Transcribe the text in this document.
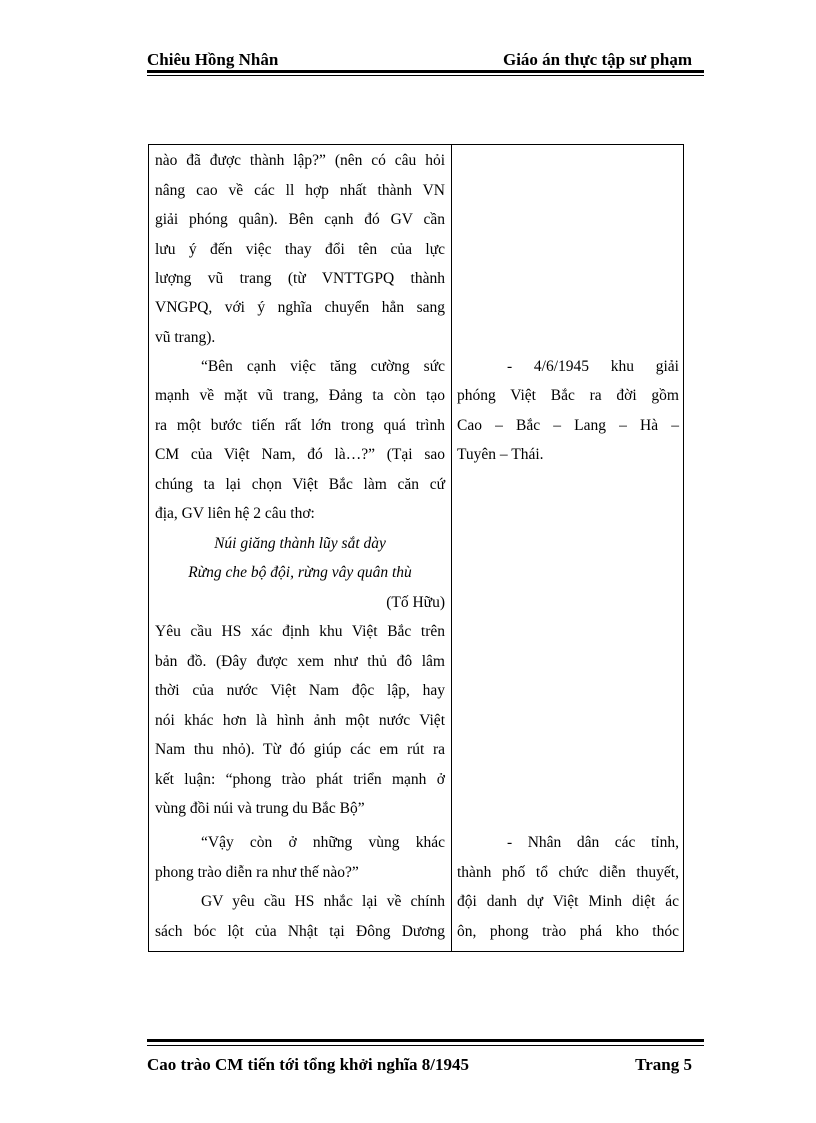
Chiêu Hồng Nhân	Giáo án thực tập sư phạm
nào đã được thành lập?” (nên có câu hỏi
nâng cao về các ll hợp nhất thành VN
giải phóng quân). Bên cạnh đó GV cần
lưu ý đến việc thay đổi tên của lực
lượng vũ trang (từ VNTTGPQ thành
VNGPQ, với ý nghĩa chuyển hẳn sang
vũ trang).
“Bên cạnh việc tăng cường sức
mạnh về mặt vũ trang, Đảng ta còn tạo
ra một bước tiến rất lớn trong quá trình
CM của Việt Nam, đó là…?” (Tại sao
chúng ta lại chọn Việt Bắc làm căn cứ
địa, GV liên hệ 2 câu thơ:
Núi giăng thành lũy sắt dày
Rừng che bộ đội, rừng vây quân thù
(Tố Hữu)
Yêu cầu HS xác định khu Việt Bắc trên
bản đồ. (Đây được xem như thủ đô lâm
thời của nước Việt Nam độc lập, hay
nói khác hơn là hình ảnh một nước Việt
Nam thu nhỏ). Từ đó giúp các em rút ra
kết luận: “phong trào phát triển mạnh ở
vùng đồi núi và trung du Bắc Bộ”
“Vậy còn ở những vùng khác
phong trào diễn ra như thế nào?”
GV yêu cầu HS nhắc lại về chính
sách bóc lột của Nhật tại Đông Dương
- 4/6/1945 khu giải
phóng Việt Bắc ra đời gồm
Cao – Bắc – Lang – Hà –
Tuyên – Thái.
- Nhân dân các tỉnh,
thành phố tổ chức diễn thuyết,
đội danh dự Việt Minh diệt ác
ôn, phong trào phá kho thóc
Cao trào CM tiến tới tổng khởi nghĩa 8/1945	Trang 5
